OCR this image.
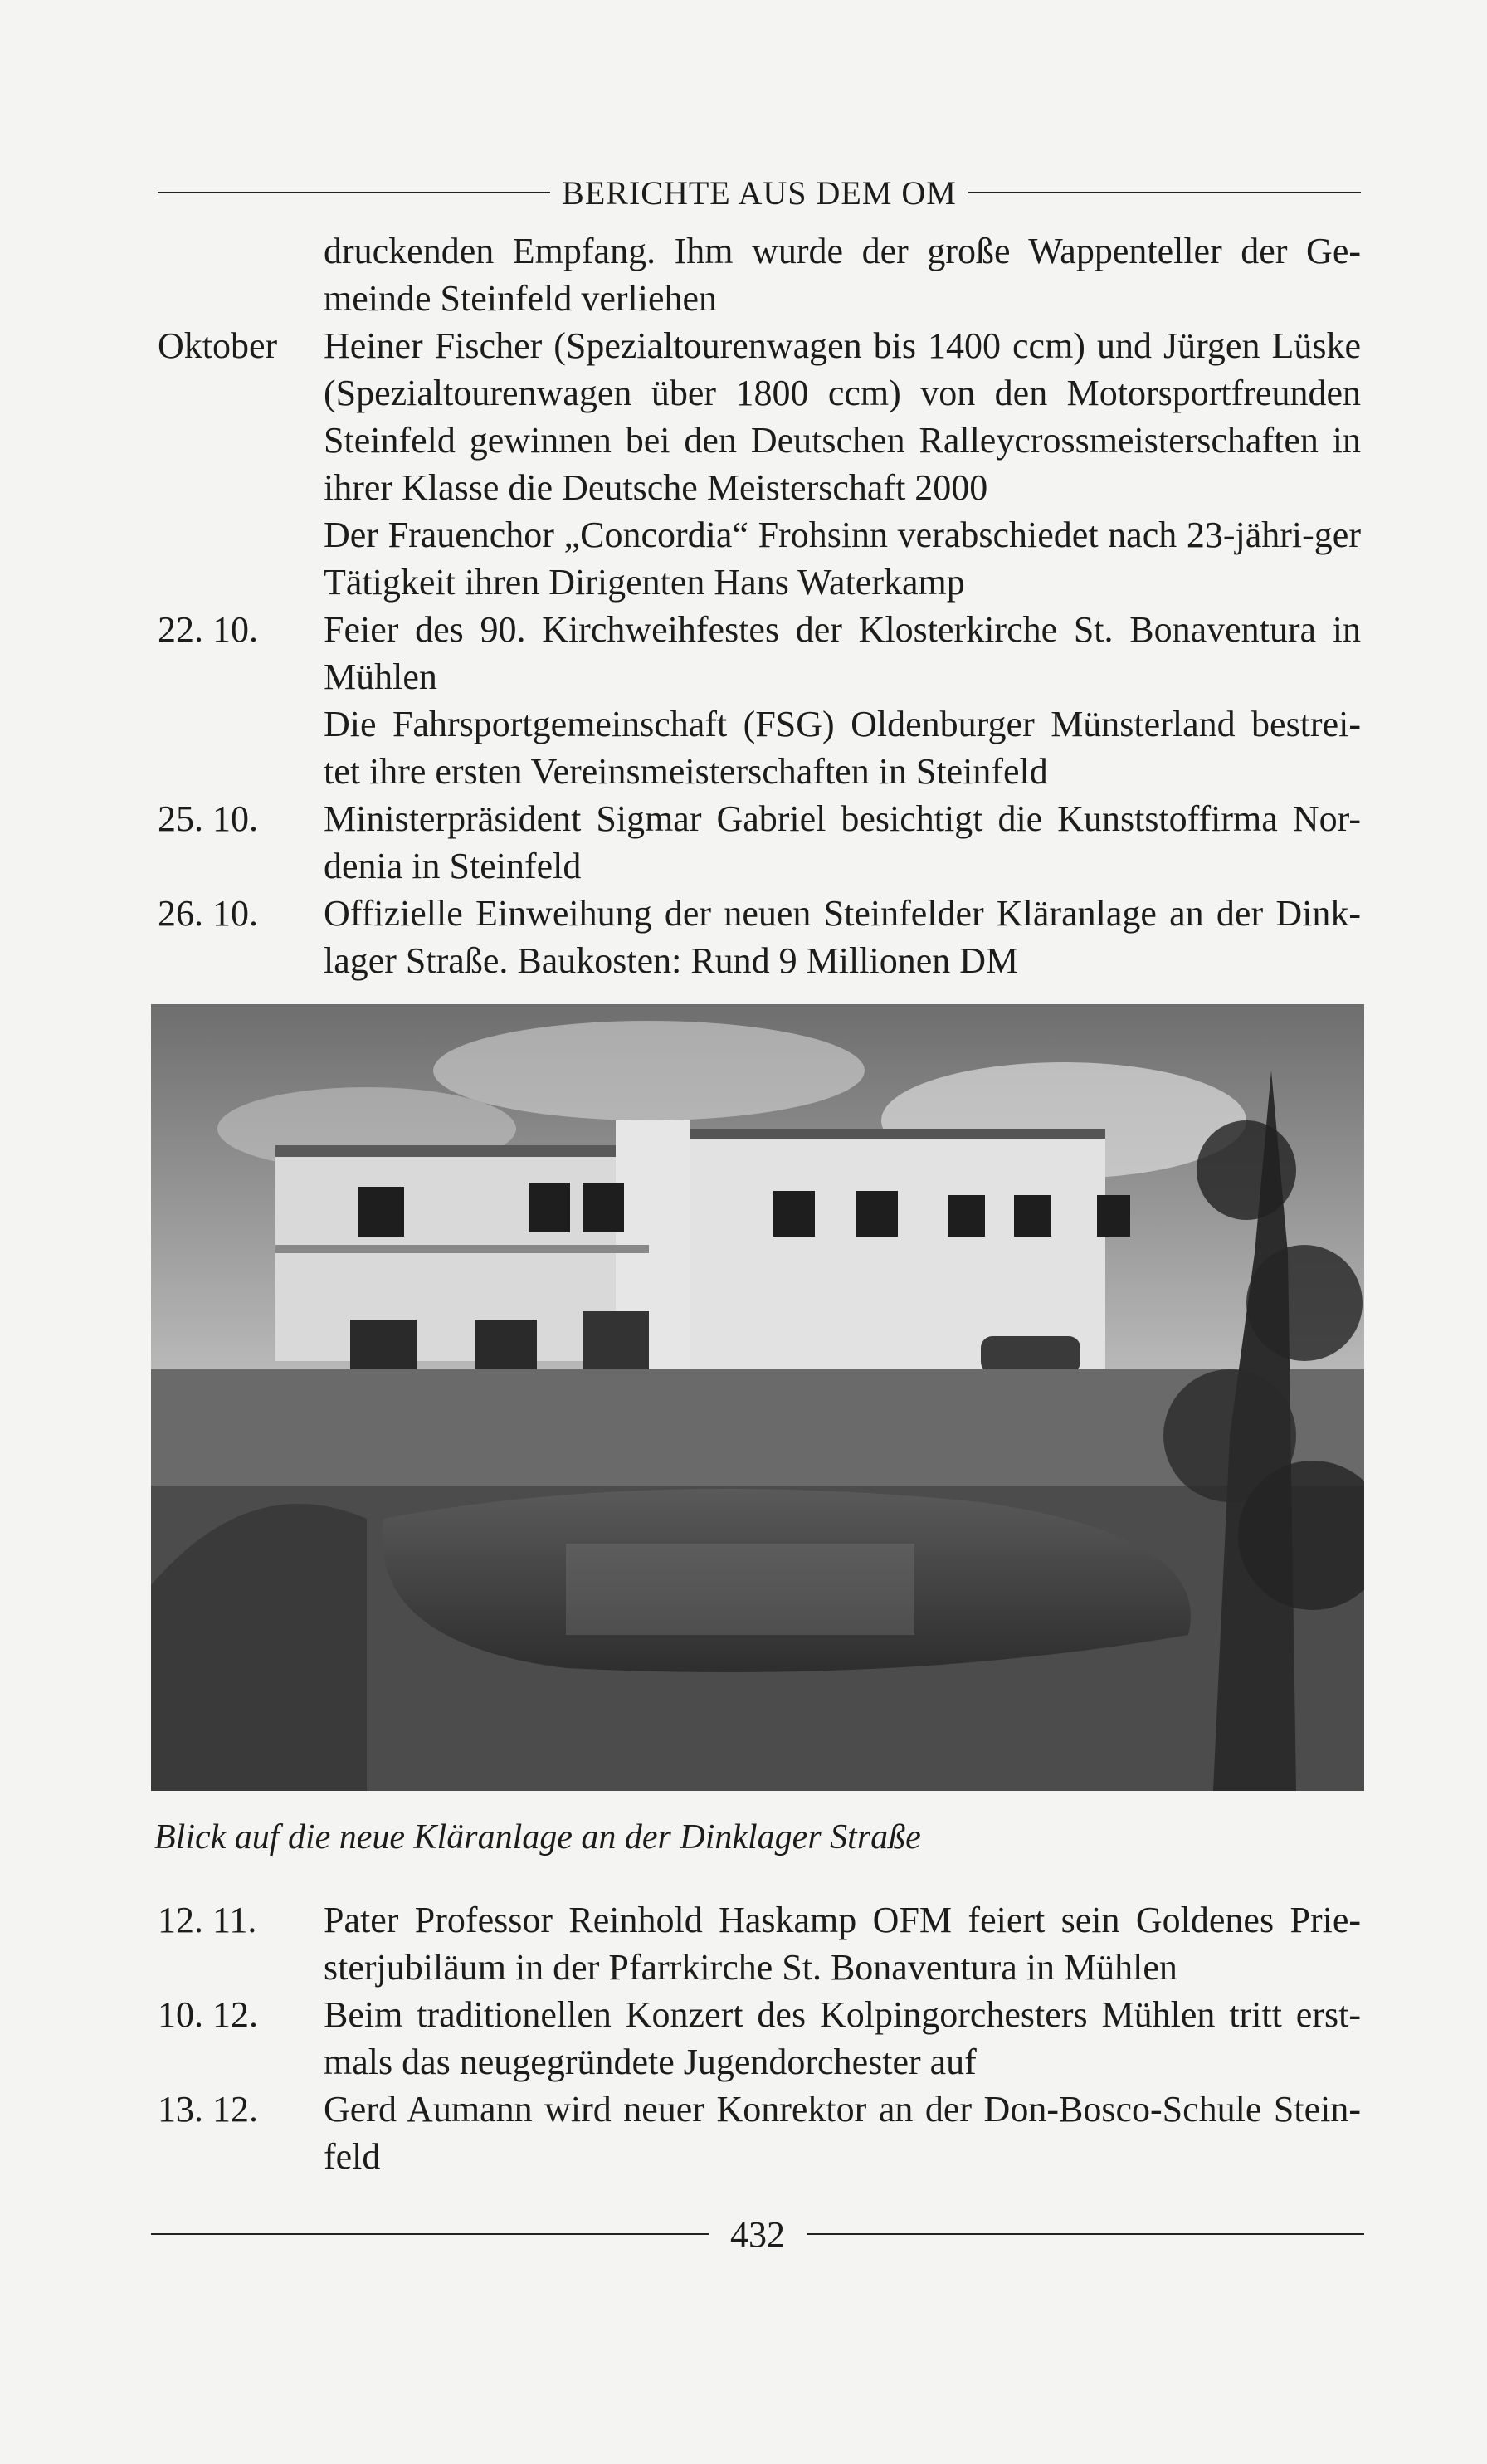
BERICHTE AUS DEM OM
druckenden Empfang. Ihm wurde der große Wappenteller der Ge-meinde Steinfeld verliehen
Oktober	Heiner Fischer (Spezialtourenwagen bis 1400 ccm) und Jürgen Lüske (Spezialtourenwagen über 1800 ccm) von den Motorsportfreunden Steinfeld gewinnen bei den Deutschen Ralleycrossmeisterschaften in ihrer Klasse die Deutsche Meisterschaft 2000
Der Frauenchor „Concordia“ Frohsinn verabschiedet nach 23-jähri-ger Tätigkeit ihren Dirigenten Hans Waterkamp
22. 10.	Feier des 90. Kirchweihfestes der Klosterkirche St. Bonaventura in Mühlen
Die Fahrsportgemeinschaft (FSG) Oldenburger Münsterland bestrei-tet ihre ersten Vereinsmeisterschaften in Steinfeld
25. 10.	Ministerpräsident Sigmar Gabriel besichtigt die Kunststoffirma Nor-denia in Steinfeld
26. 10.	Offizielle Einweihung der neuen Steinfelder Kläranlage an der Dink-lager Straße. Baukosten: Rund 9 Millionen DM
Blick auf die neue Kläranlage an der Dinklager Straße
12. 11.	Pater Professor Reinhold Haskamp OFM feiert sein Goldenes Prie-sterjubiläum in der Pfarrkirche St. Bonaventura in Mühlen
10. 12.	Beim traditionellen Konzert des Kolpingorchesters Mühlen tritt erst-mals das neugegründete Jugendorchester auf
13. 12.	Gerd Aumann wird neuer Konrektor an der Don-Bosco-Schule Stein-feld
432
